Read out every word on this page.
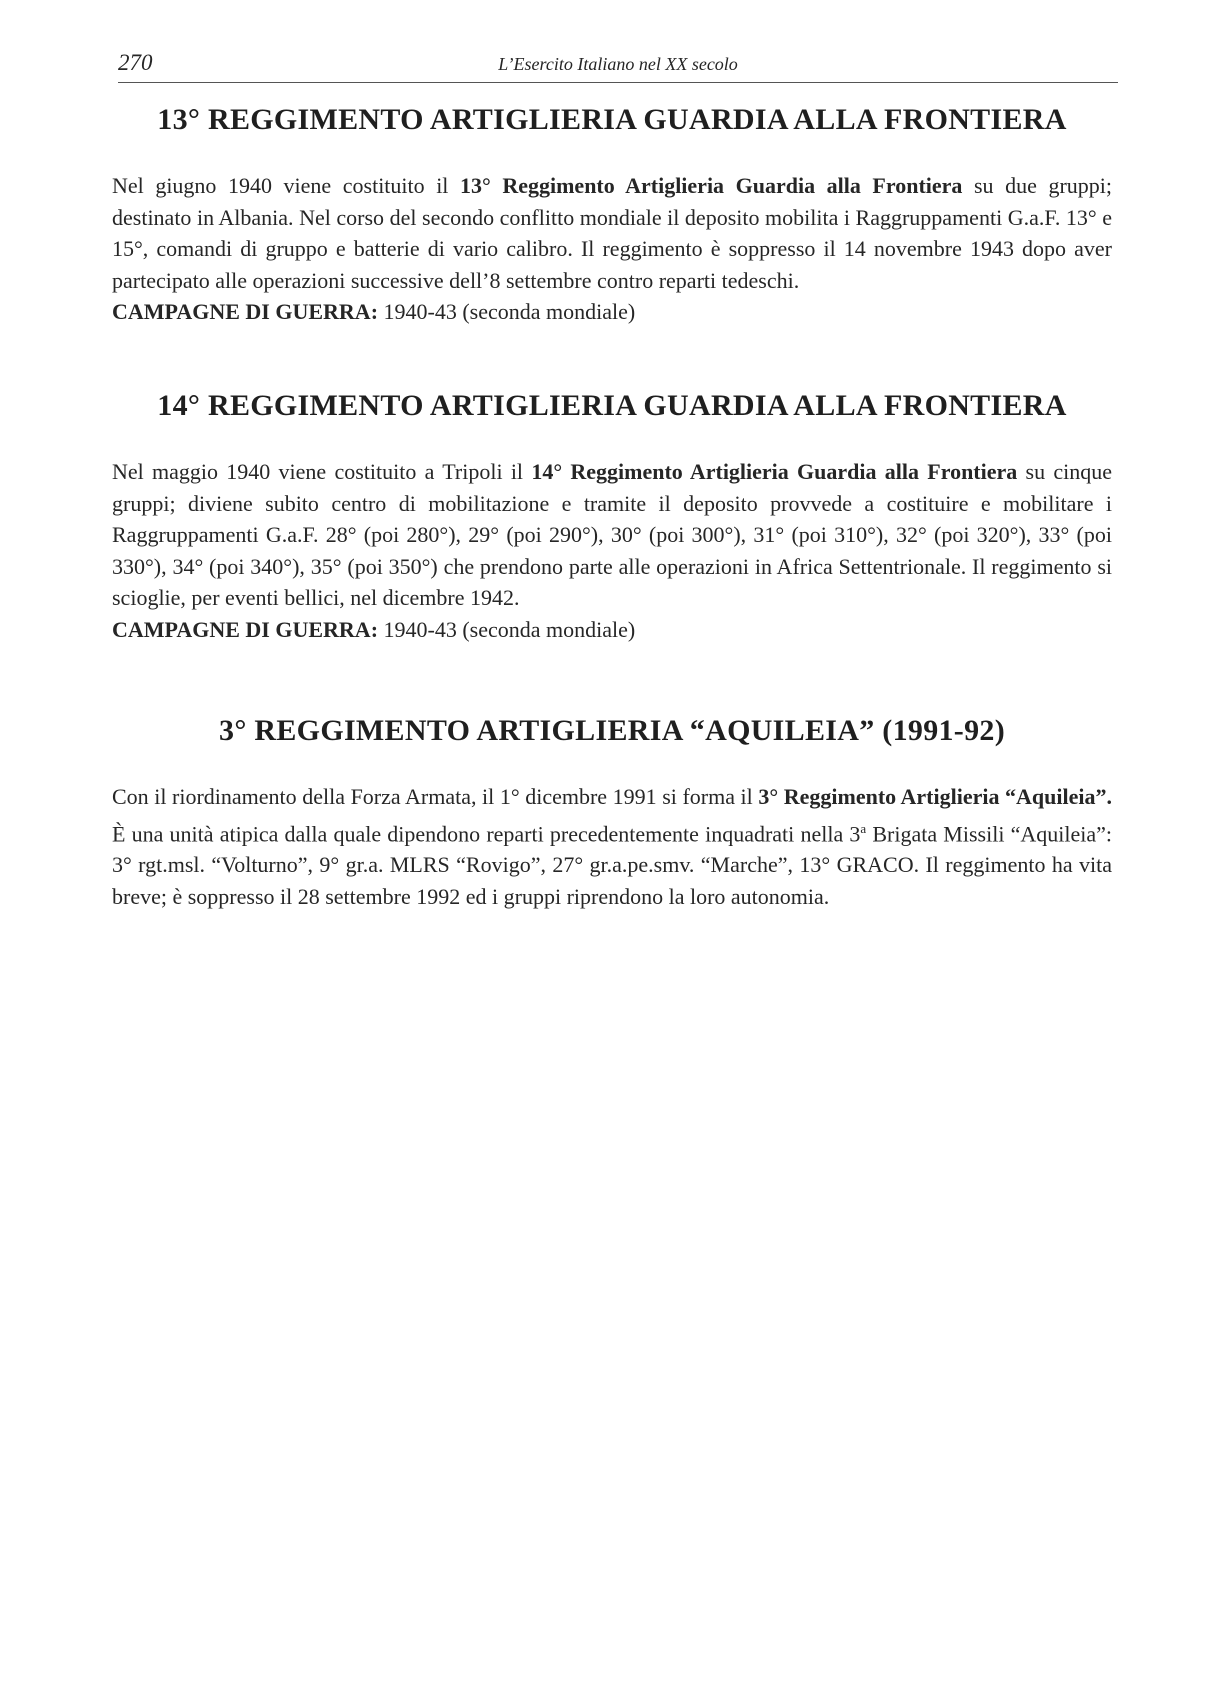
270	L’Esercito Italiano nel XX secolo
13° REGGIMENTO ARTIGLIERIA GUARDIA ALLA FRONTIERA

Nel giugno 1940 viene costituito il 13° Reggimento Artiglieria Guardia alla Frontiera su due gruppi; destinato in Albania. Nel corso del secondo conflitto mondiale il deposito mobilita i Raggruppamenti G.a.F. 13° e 15°, comandi di gruppo e batterie di vario calibro. Il reggimento è soppresso il 14 novembre 1943 dopo aver partecipato alle operazioni successive dell’8 settembre contro reparti tedeschi.

CAMPAGNE DI GUERRA: 1940-43 (seconda mondiale)

14° REGGIMENTO ARTIGLIERIA GUARDIA ALLA FRONTIERA

Nel maggio 1940 viene costituito a Tripoli il 14° Reggimento Artiglieria Guardia alla Frontiera su cinque gruppi; diviene subito centro di mobilitazione e tramite il deposito provvede a costituire e mobilitare i Raggruppamenti G.a.F. 28° (poi 280°), 29° (poi 290°), 30° (poi 300°), 31° (poi 310°), 32° (poi 320°), 33° (poi 330°), 34° (poi 340°), 35° (poi 350°) che prendono parte alle operazioni in Africa Settentrionale. Il reggimento si scioglie, per eventi bellici, nel dicembre 1942.

CAMPAGNE DI GUERRA: 1940-43 (seconda mondiale)

3° REGGIMENTO ARTIGLIERIA “AQUILEIA” (1991-92)

Con il riordinamento della Forza Armata, il 1° dicembre 1991 si forma il 3° Reggimento Artiglieria “Aquileia”. È una unità atipica dalla quale dipendono reparti precedentemente inquadrati nella 3$^a$ Brigata Missili “Aquileia”: 3° rgt.msl. “Volturno”, 9° gr.a. MLRS “Rovigo”, 27° gr.a.pe.smv. “Marche”, 13° GRACO. Il reggimento ha vita breve; è soppresso il 28 settembre 1992 ed i gruppi riprendono la loro autonomia.
